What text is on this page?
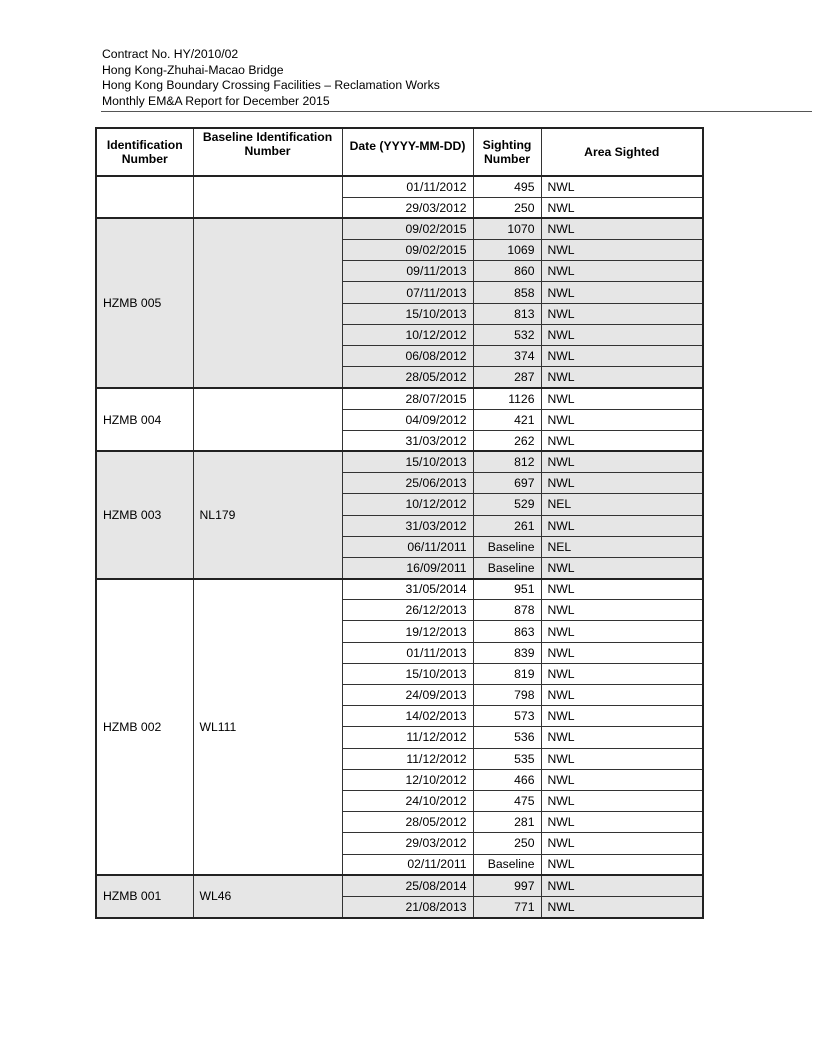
Contract No. HY/2010/02
Hong Kong-Zhuhai-Macao Bridge
Hong Kong Boundary Crossing Facilities – Reclamation Works
Monthly EM&A Report for December 2015
Identification Number	Baseline Identification Number	Date (YYYY-MM-DD)	Sighting Number	Area Sighted
		01/11/2012	495	NWL
		29/03/2012	250	NWL
HZMB 005		09/02/2015	1070	NWL
		09/02/2015	1069	NWL
		09/11/2013	860	NWL
		07/11/2013	858	NWL
		15/10/2013	813	NWL
		10/12/2012	532	NWL
		06/08/2012	374	NWL
		28/05/2012	287	NWL
HZMB 004		28/07/2015	1126	NWL
		04/09/2012	421	NWL
		31/03/2012	262	NWL
HZMB 003	NL179	15/10/2013	812	NWL
		25/06/2013	697	NWL
		10/12/2012	529	NEL
		31/03/2012	261	NWL
		06/11/2011	Baseline	NEL
		16/09/2011	Baseline	NWL
HZMB 002	WL111	31/05/2014	951	NWL
		26/12/2013	878	NWL
		19/12/2013	863	NWL
		01/11/2013	839	NWL
		15/10/2013	819	NWL
		24/09/2013	798	NWL
		14/02/2013	573	NWL
		11/12/2012	536	NWL
		11/12/2012	535	NWL
		12/10/2012	466	NWL
		24/10/2012	475	NWL
		28/05/2012	281	NWL
		29/03/2012	250	NWL
		02/11/2011	Baseline	NWL
HZMB 001	WL46	25/08/2014	997	NWL
		21/08/2013	771	NWL
